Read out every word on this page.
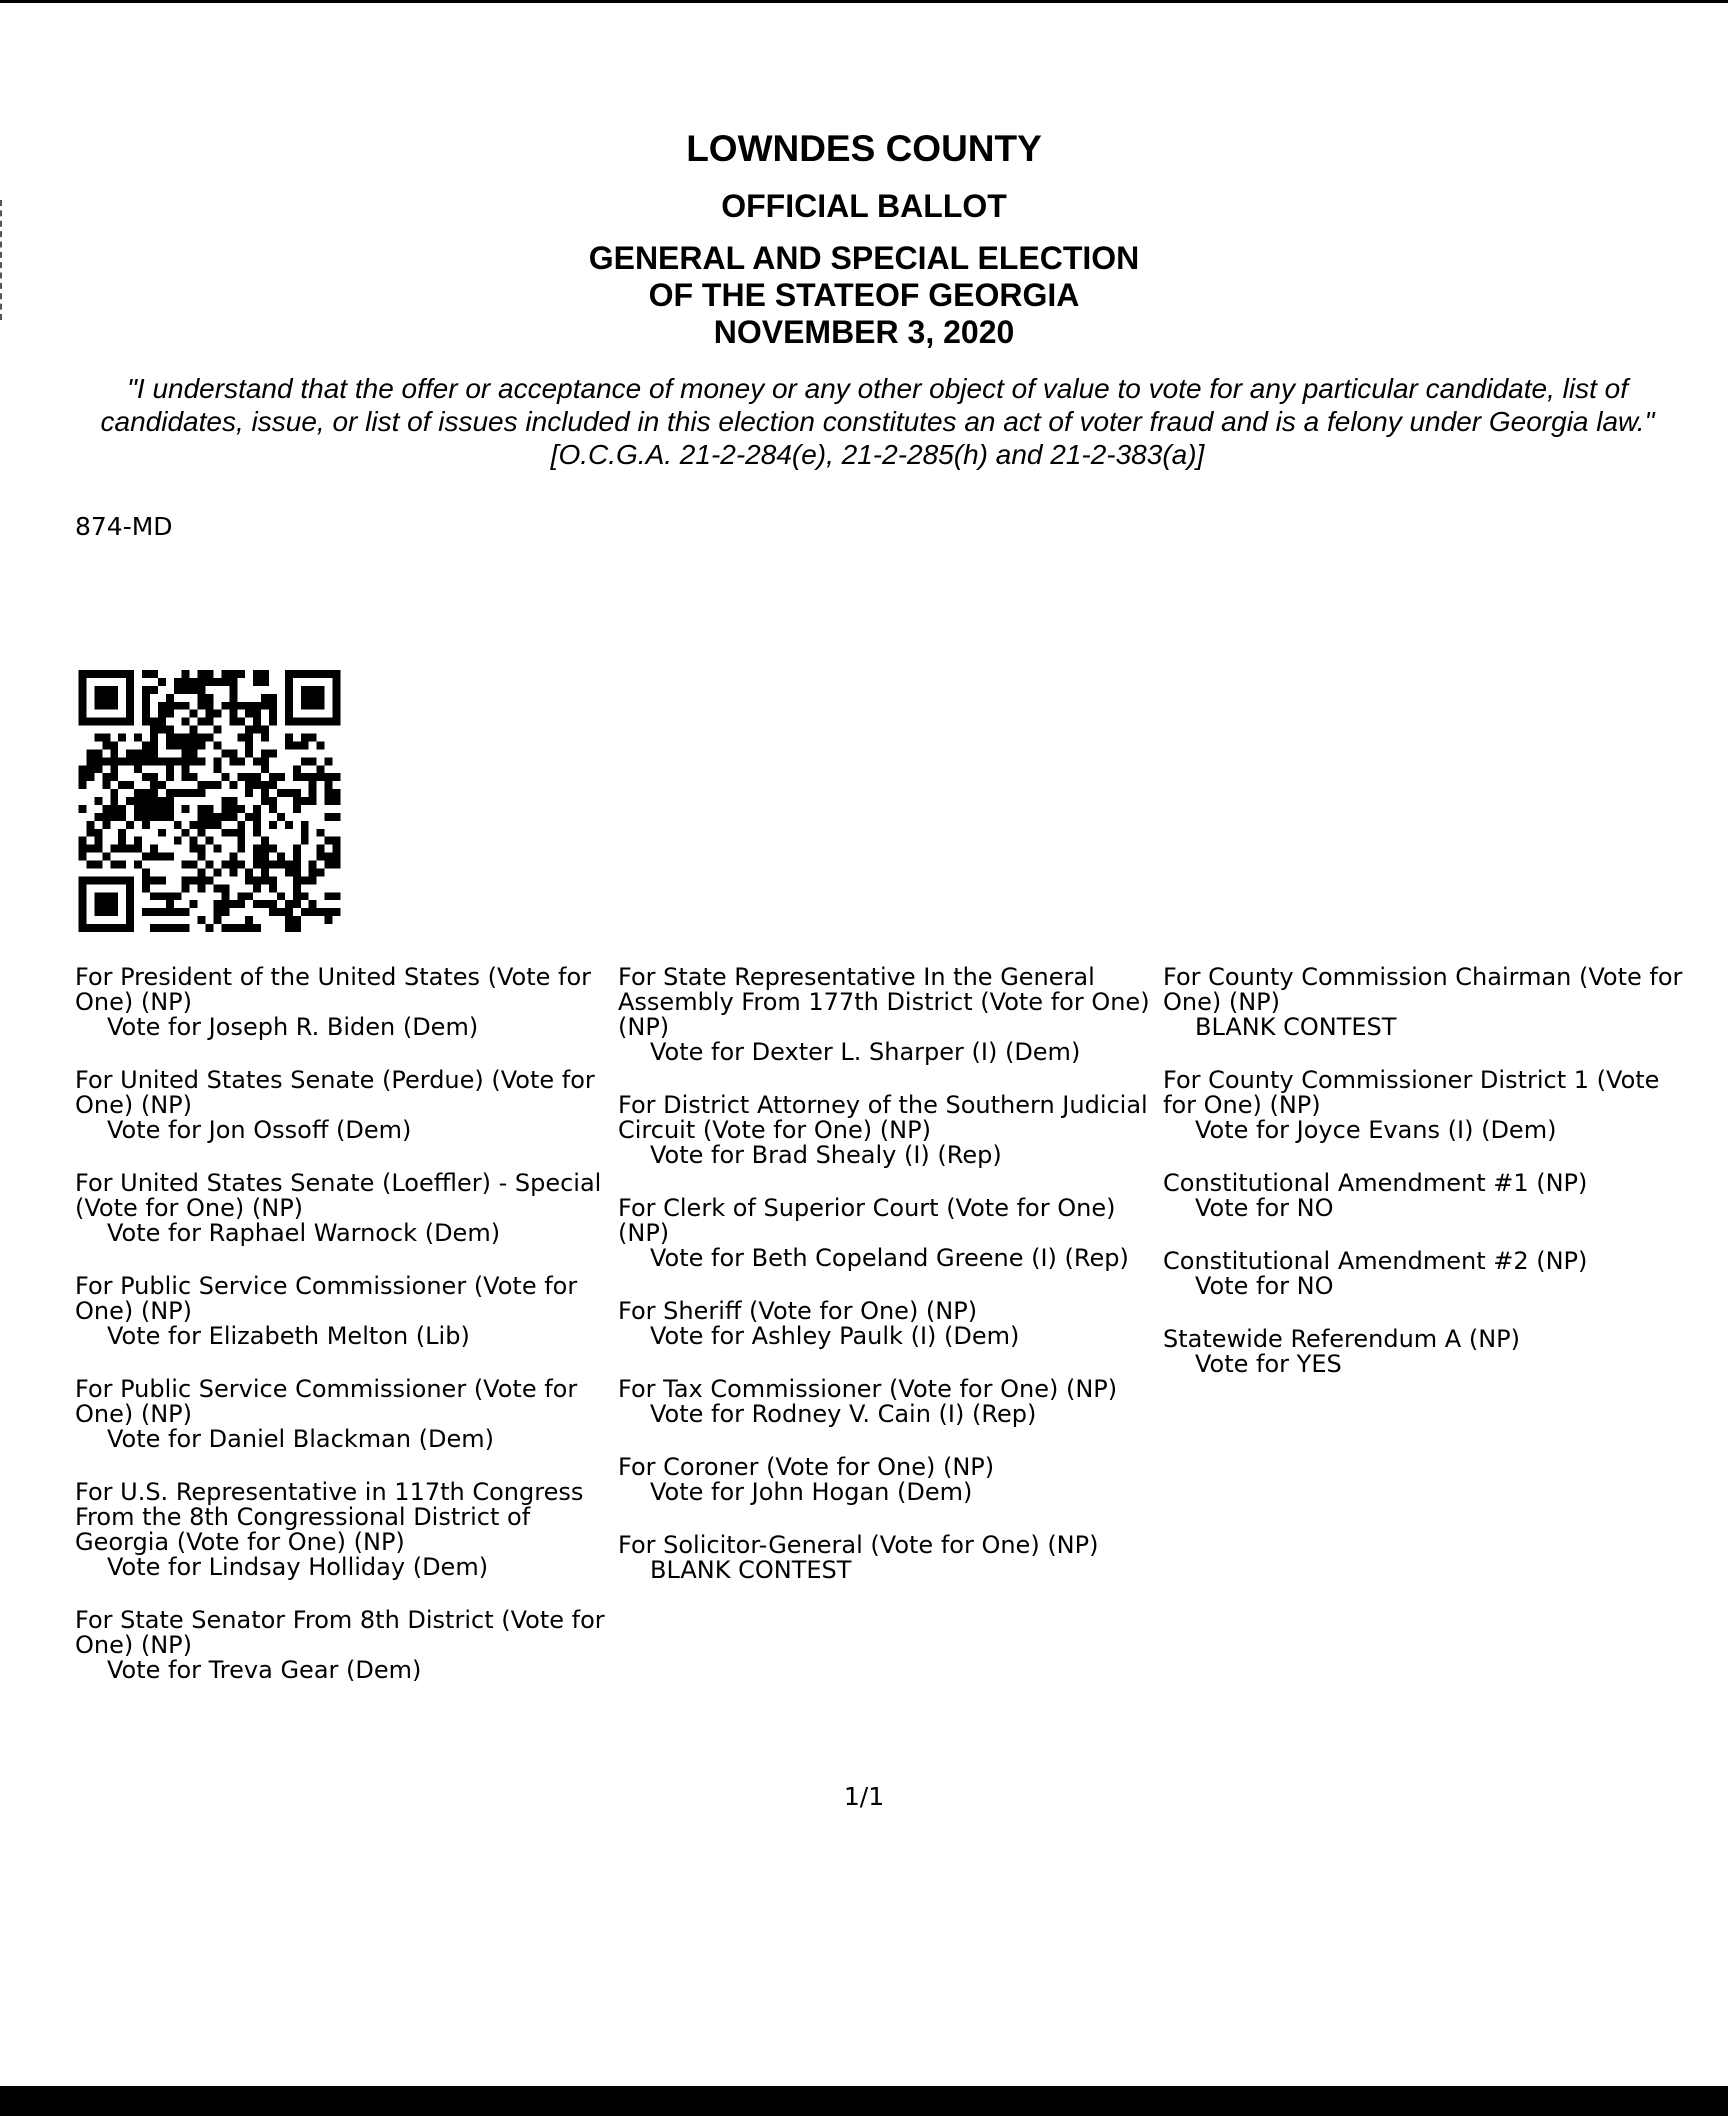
LOWNDES COUNTY
OFFICIAL BALLOT
GENERAL AND SPECIAL ELECTION
OF THE STATEOF GEORGIA
NOVEMBER 3, 2020
"I understand that the offer or acceptance of money or any other object of value to vote for any particular candidate, list of candidates, issue, or list of issues included in this election constitutes an act of voter fraud and is a felony under Georgia law." [O.C.G.A. 21-2-284(e), 21-2-285(h) and 21-2-383(a)]
874-MD
For President of the United States (Vote for One) (NP)
Vote for Joseph R. Biden (Dem)
For United States Senate (Perdue) (Vote for One) (NP)
Vote for Jon Ossoff (Dem)
For United States Senate (Loeffler) - Special (Vote for One) (NP)
Vote for Raphael Warnock (Dem)
For Public Service Commissioner (Vote for One) (NP)
Vote for Elizabeth Melton (Lib)
For Public Service Commissioner (Vote for One) (NP)
Vote for Daniel Blackman (Dem)
For U.S. Representative in 117th Congress From the 8th Congressional District of Georgia (Vote for One) (NP)
Vote for Lindsay Holliday (Dem)
For State Senator From 8th District (Vote for One) (NP)
Vote for Treva Gear (Dem)
For State Representative In the General Assembly From 177th District (Vote for One) (NP)
Vote for Dexter L. Sharper (I) (Dem)
For District Attorney of the Southern Judicial Circuit (Vote for One) (NP)
Vote for Brad Shealy (I) (Rep)
For Clerk of Superior Court (Vote for One) (NP)
Vote for Beth Copeland Greene (I) (Rep)
For Sheriff (Vote for One) (NP)
Vote for Ashley Paulk (I) (Dem)
For Tax Commissioner (Vote for One) (NP)
Vote for Rodney V. Cain (I) (Rep)
For Coroner (Vote for One) (NP)
Vote for John Hogan (Dem)
For Solicitor-General (Vote for One) (NP)
BLANK CONTEST
For County Commission Chairman (Vote for One) (NP)
BLANK CONTEST
For County Commissioner District 1 (Vote for One) (NP)
Vote for Joyce Evans (I) (Dem)
Constitutional Amendment #1 (NP)
Vote for NO
Constitutional Amendment #2 (NP)
Vote for NO
Statewide Referendum A (NP)
Vote for YES
1/1
